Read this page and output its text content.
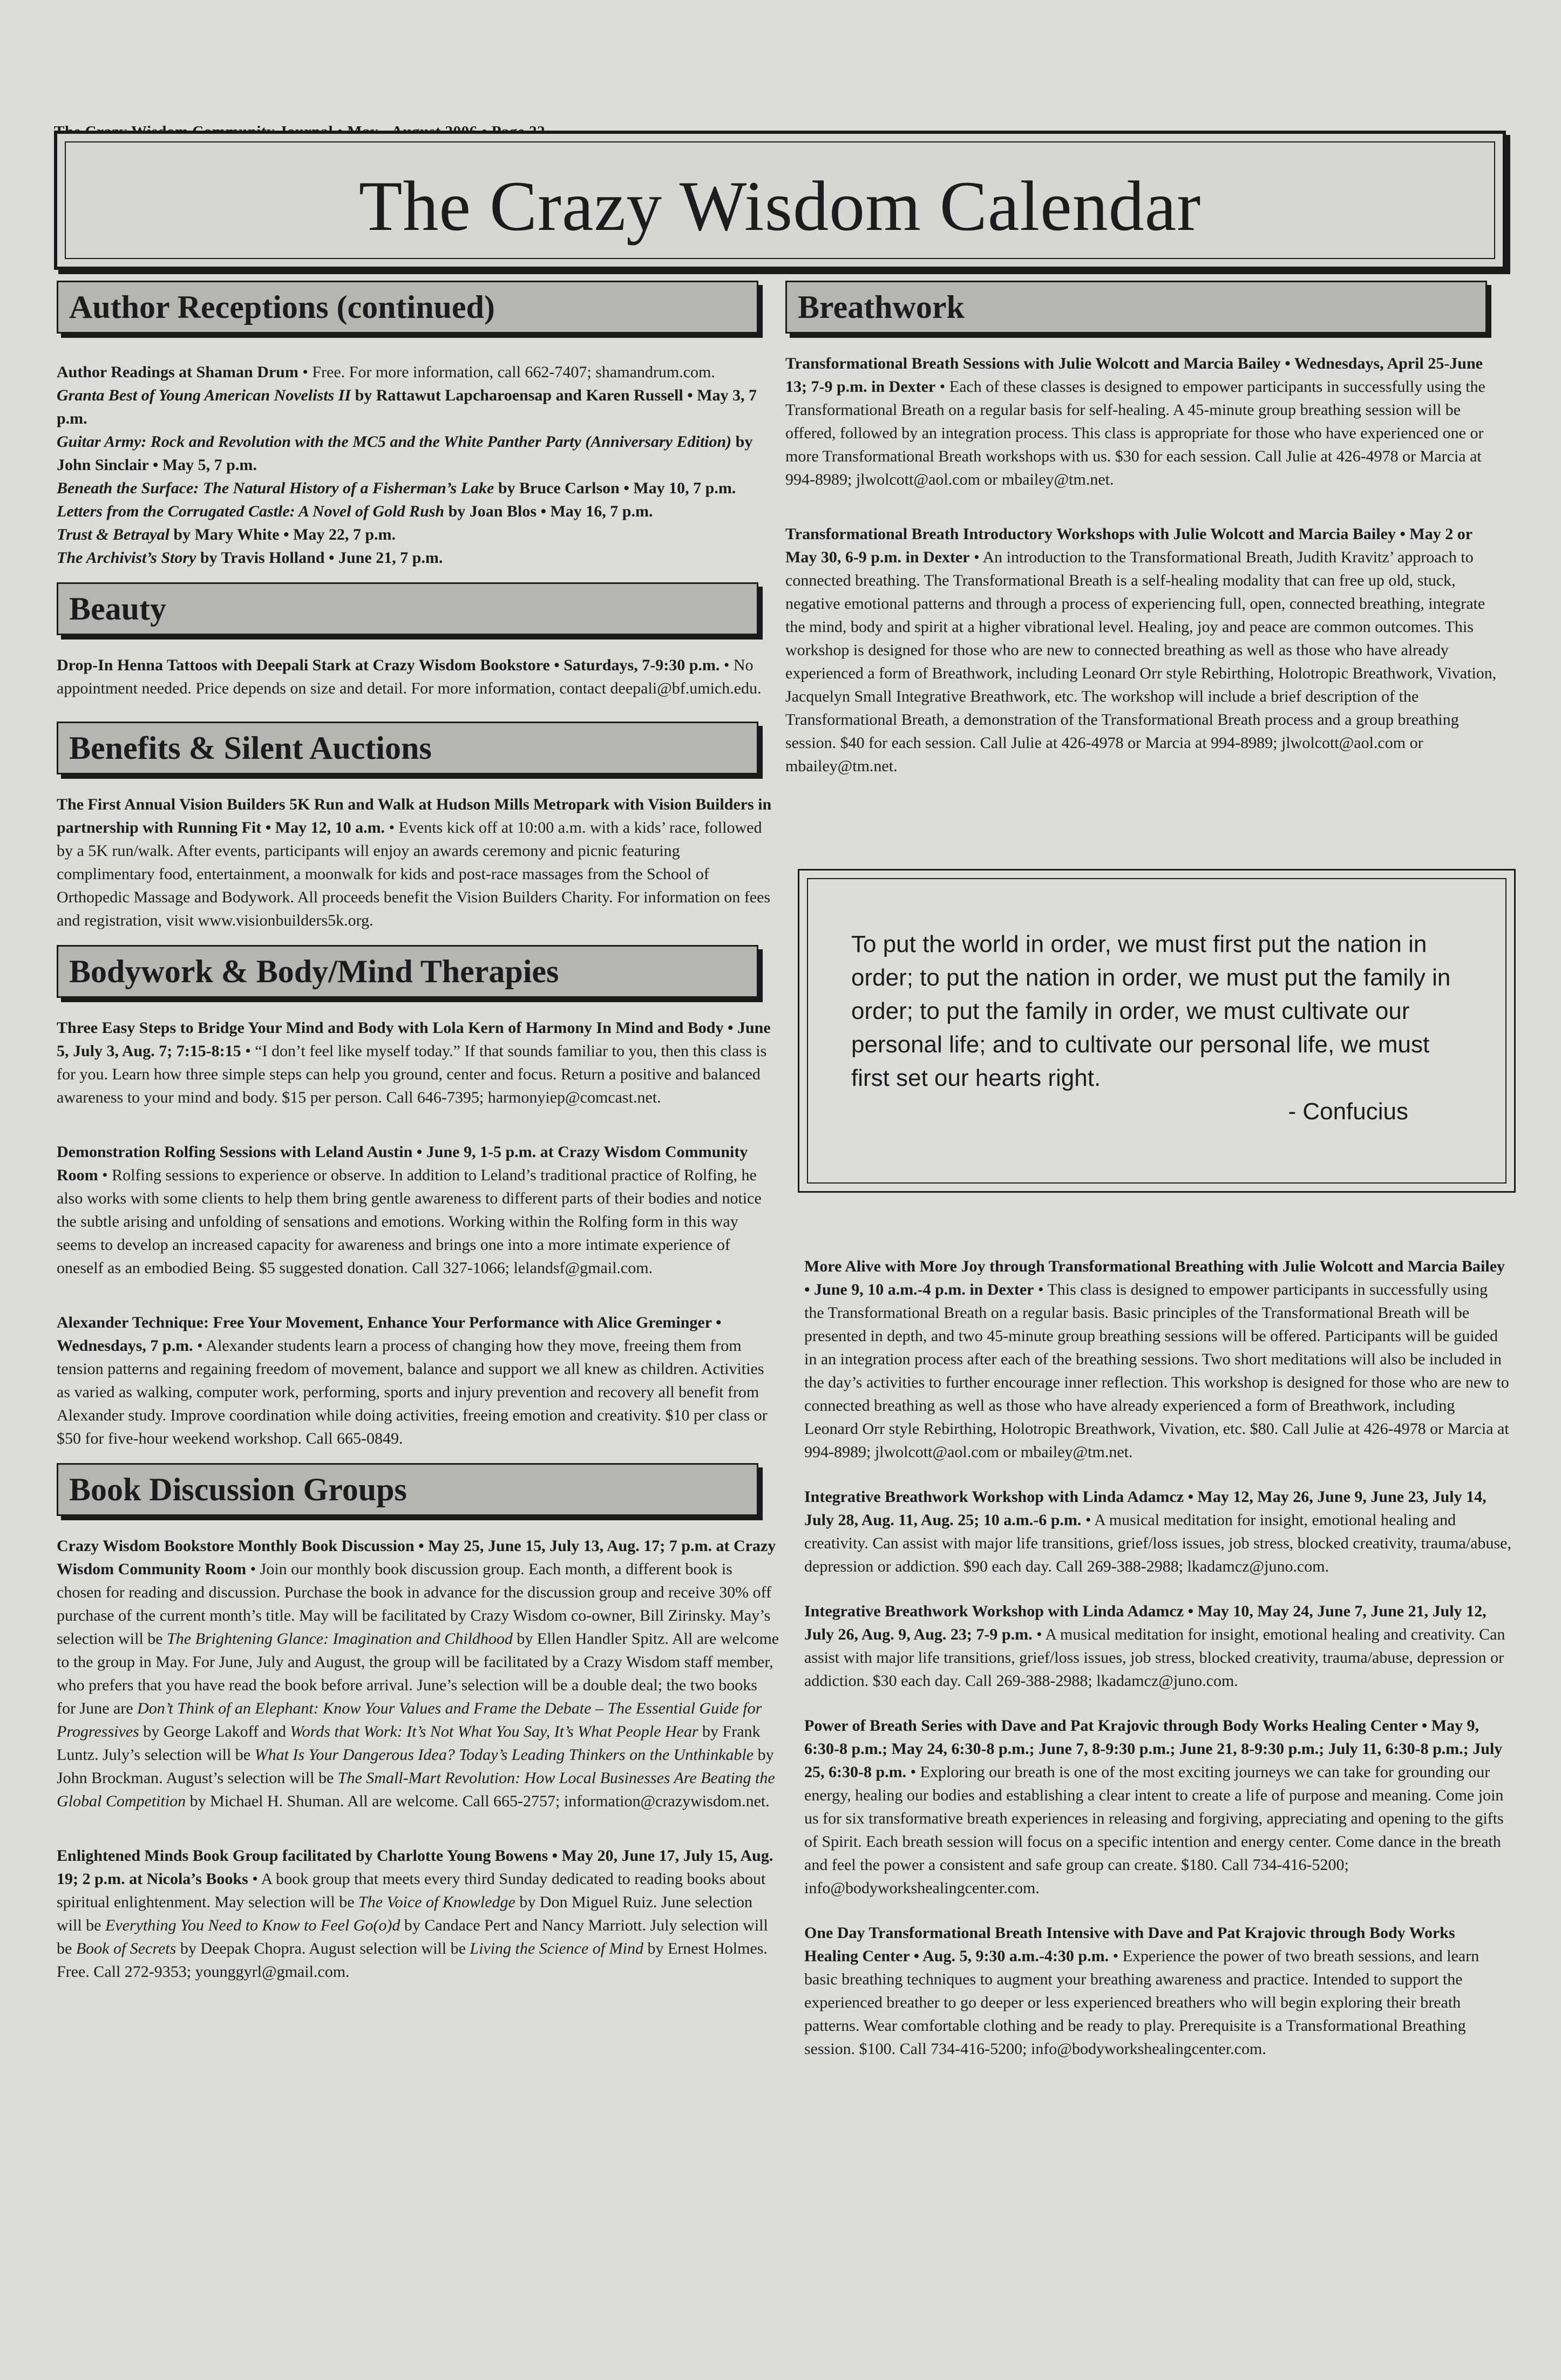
The Crazy Wisdom Calendar
Author Receptions (continued)

Author Readings at Shaman Drum • Free. For more information, call 662-7407; shamandrum.com.

Granta Best of Young American Novelists II by Rattawut Lapcharoensap and Karen Russell • May 3, 7 p.m.

Guitar Army: Rock and Revolution with the MC5 and the White Panther Party (Anniversary Edition) by John Sinclair • May 5, 7 p.m.

Beneath the Surface: The Natural History of a Fisherman’s Lake by Bruce Carlson • May 10, 7 p.m.

Letters from the Corrugated Castle: A Novel of Gold Rush by Joan Blos • May 16, 7 p.m.

Trust & Betrayal by Mary White • May 22, 7 p.m.

The Archivist’s Story by Travis Holland • June 21, 7 p.m.

Beauty

Drop-In Henna Tattoos with Deepali Stark at Crazy Wisdom Bookstore • Saturdays, 7-9:30 p.m. • No appointment needed. Price depends on size and detail. For more information, contact deepali@bf.umich.edu.

Benefits & Silent Auctions

The First Annual Vision Builders 5K Run and Walk at Hudson Mills Metropark with Vision Builders in partnership with Running Fit • May 12, 10 a.m. • Events kick off at 10:00 a.m. with a kids’ race, followed by a 5K run/walk. After events, participants will enjoy an awards ceremony and picnic featuring complimentary food, entertainment, a moonwalk for kids and post-race massages from the School of Orthopedic Massage and Bodywork. All proceeds benefit the Vision Builders Charity. For information on fees and registration, visit www.visionbuilders5k.org.

Bodywork & Body/Mind Therapies

Three Easy Steps to Bridge Your Mind and Body with Lola Kern of Harmony In Mind and Body • June 5, July 3, Aug. 7; 7:15-8:15 • “I don’t feel like myself today.” If that sounds familiar to you, then this class is for you. Learn how three simple steps can help you ground, center and focus. Return a positive and balanced awareness to your mind and body. $15 per person. Call 646-7395; harmonyiep@comcast.net.

Demonstration Rolfing Sessions with Leland Austin • June 9, 1-5 p.m. at Crazy Wisdom Community Room • Rolfing sessions to experience or observe. In addition to Leland’s traditional practice of Rolfing, he also works with some clients to help them bring gentle awareness to different parts of their bodies and notice the subtle arising and unfolding of sensations and emotions. Working within the Rolfing form in this way seems to develop an increased capacity for awareness and brings one into a more intimate experience of oneself as an embodied Being. $5 suggested donation. Call 327-1066; lelandsf@gmail.com.

Alexander Technique: Free Your Movement, Enhance Your Performance with Alice Greminger • Wednesdays, 7 p.m. • Alexander students learn a process of changing how they move, freeing them from tension patterns and regaining freedom of movement, balance and support we all knew as children. Activities as varied as walking, computer work, performing, sports and injury prevention and recovery all benefit from Alexander study. Improve coordination while doing activities, freeing emotion and creativity. $10 per class or $50 for five-hour weekend workshop. Call 665-0849.

Book Discussion Groups

Crazy Wisdom Bookstore Monthly Book Discussion • May 25, June 15, July 13, Aug. 17; 7 p.m. at Crazy Wisdom Community Room • Join our monthly book discussion group. Each month, a different book is chosen for reading and discussion. Purchase the book in advance for the discussion group and receive 30% off purchase of the current month’s title. May will be facilitated by Crazy Wisdom co-owner, Bill Zirinsky. May’s selection will be The Brightening Glance: Imagination and Childhood by Ellen Handler Spitz. All are welcome to the group in May. For June, July and August, the group will be facilitated by a Crazy Wisdom staff member, who prefers that you have read the book before arrival. June’s selection will be a double deal; the two books for June are Don’t Think of an Elephant: Know Your Values and Frame the Debate – The Essential Guide for Progressives by George Lakoff and Words that Work: It’s Not What You Say, It’s What People Hear by Frank Luntz. July’s selection will be What Is Your Dangerous Idea? Today’s Leading Thinkers on the Unthinkable by John Brockman. August’s selection will be The Small-Mart Revolution: How Local Businesses Are Beating the Global Competition by Michael H. Shuman. All are welcome. Call 665-2757; information@crazywisdom.net.

Enlightened Minds Book Group facilitated by Charlotte Young Bowens • May 20, June 17, July 15, Aug. 19; 2 p.m. at Nicola’s Books • A book group that meets every third Sunday dedicated to reading books about spiritual enlightenment. May selection will be The Voice of Knowledge by Don Miguel Ruiz. June selection will be Everything You Need to Know to Feel Go(o)d by Candace Pert and Nancy Marriott. July selection will be Book of Secrets by Deepak Chopra. August selection will be Living the Science of Mind by Ernest Holmes. Free. Call 272-9353; younggyrl@gmail.com.

Breathwork

Transformational Breath Sessions with Julie Wolcott and Marcia Bailey • Wednesdays, April 25-June 13; 7-9 p.m. in Dexter • Each of these classes is designed to empower participants in successfully using the Transformational Breath on a regular basis for self-healing. A 45-minute group breathing session will be offered, followed by an integration process. This class is appropriate for those who have experienced one or more Transformational Breath workshops with us. $30 for each session. Call Julie at 426-4978 or Marcia at 994-8989; jlwolcott@aol.com or mbailey@tm.net.

Transformational Breath Introductory Workshops with Julie Wolcott and Marcia Bailey • May 2 or May 30, 6-9 p.m. in Dexter • An introduction to the Transformational Breath, Judith Kravitz’ approach to connected breathing. The Transformational Breath is a self-healing modality that can free up old, stuck, negative emotional patterns and through a process of experiencing full, open, connected breathing, integrate the mind, body and spirit at a higher vibrational level. Healing, joy and peace are common outcomes. This workshop is designed for those who are new to connected breathing as well as those who have already experienced a form of Breathwork, including Leonard Orr style Rebirthing, Holotropic Breathwork, Vivation, Jacquelyn Small Integrative Breathwork, etc. The workshop will include a brief description of the Transformational Breath, a demonstration of the Transformational Breath process and a group breathing session. $40 for each session. Call Julie at 426-4978 or Marcia at 994-8989; jlwolcott@aol.com or mbailey@tm.net.

To put the world in order, we must first put the nation in order; to put the nation in order, we must put the family in order; to put the family in order, we must cultivate our personal life; and to cultivate our personal life, we must first set our hearts right.
- Confucius

More Alive with More Joy through Transformational Breathing with Julie Wolcott and Marcia Bailey • June 9, 10 a.m.-4 p.m. in Dexter • This class is designed to empower participants in successfully using the Transformational Breath on a regular basis. Basic principles of the Transformational Breath will be presented in depth, and two 45-minute group breathing sessions will be offered. Participants will be guided in an integration process after each of the breathing sessions. Two short meditations will also be included in the day’s activities to further encourage inner reflection. This workshop is designed for those who are new to connected breathing as well as those who have already experienced a form of Breathwork, including Leonard Orr style Rebirthing, Holotropic Breathwork, Vivation, etc. $80. Call Julie at 426-4978 or Marcia at 994-8989; jlwolcott@aol.com or mbailey@tm.net.

Integrative Breathwork Workshop with Linda Adamcz • May 12, May 26, June 9, June 23, July 14, July 28, Aug. 11, Aug. 25; 10 a.m.-6 p.m. • A musical meditation for insight, emotional healing and creativity. Can assist with major life transitions, grief/loss issues, job stress, blocked creativity, trauma/abuse, depression or addiction. $90 each day. Call 269-388-2988; lkadamcz@juno.com.

Integrative Breathwork Workshop with Linda Adamcz • May 10, May 24, June 7, June 21, July 12, July 26, Aug. 9, Aug. 23; 7-9 p.m. • A musical meditation for insight, emotional healing and creativity. Can assist with major life transitions, grief/loss issues, job stress, blocked creativity, trauma/abuse, depression or addiction. $30 each day. Call 269-388-2988; lkadamcz@juno.com.

Power of Breath Series with Dave and Pat Krajovic through Body Works Healing Center • May 9, 6:30-8 p.m.; May 24, 6:30-8 p.m.; June 7, 8-9:30 p.m.; June 21, 8-9:30 p.m.; July 11, 6:30-8 p.m.; July 25, 6:30-8 p.m. • Exploring our breath is one of the most exciting journeys we can take for grounding our energy, healing our bodies and establishing a clear intent to create a life of purpose and meaning. Come join us for six transformative breath experiences in releasing and forgiving, appreciating and opening to the gifts of Spirit. Each breath session will focus on a specific intention and energy center. Come dance in the breath and feel the power a consistent and safe group can create. $180. Call 734-416-5200; info@bodyworkshealingcenter.com.

One Day Transformational Breath Intensive with Dave and Pat Krajovic through Body Works Healing Center • Aug. 5, 9:30 a.m.-4:30 p.m. • Experience the power of two breath sessions, and learn basic breathing techniques to augment your breathing awareness and practice. Intended to support the experienced breather to go deeper or less experienced breathers who will begin exploring their breath patterns. Wear comfortable clothing and be ready to play. Prerequisite is a Transformational Breathing session. $100. Call 734-416-5200; info@bodyworkshealingcenter.com.
